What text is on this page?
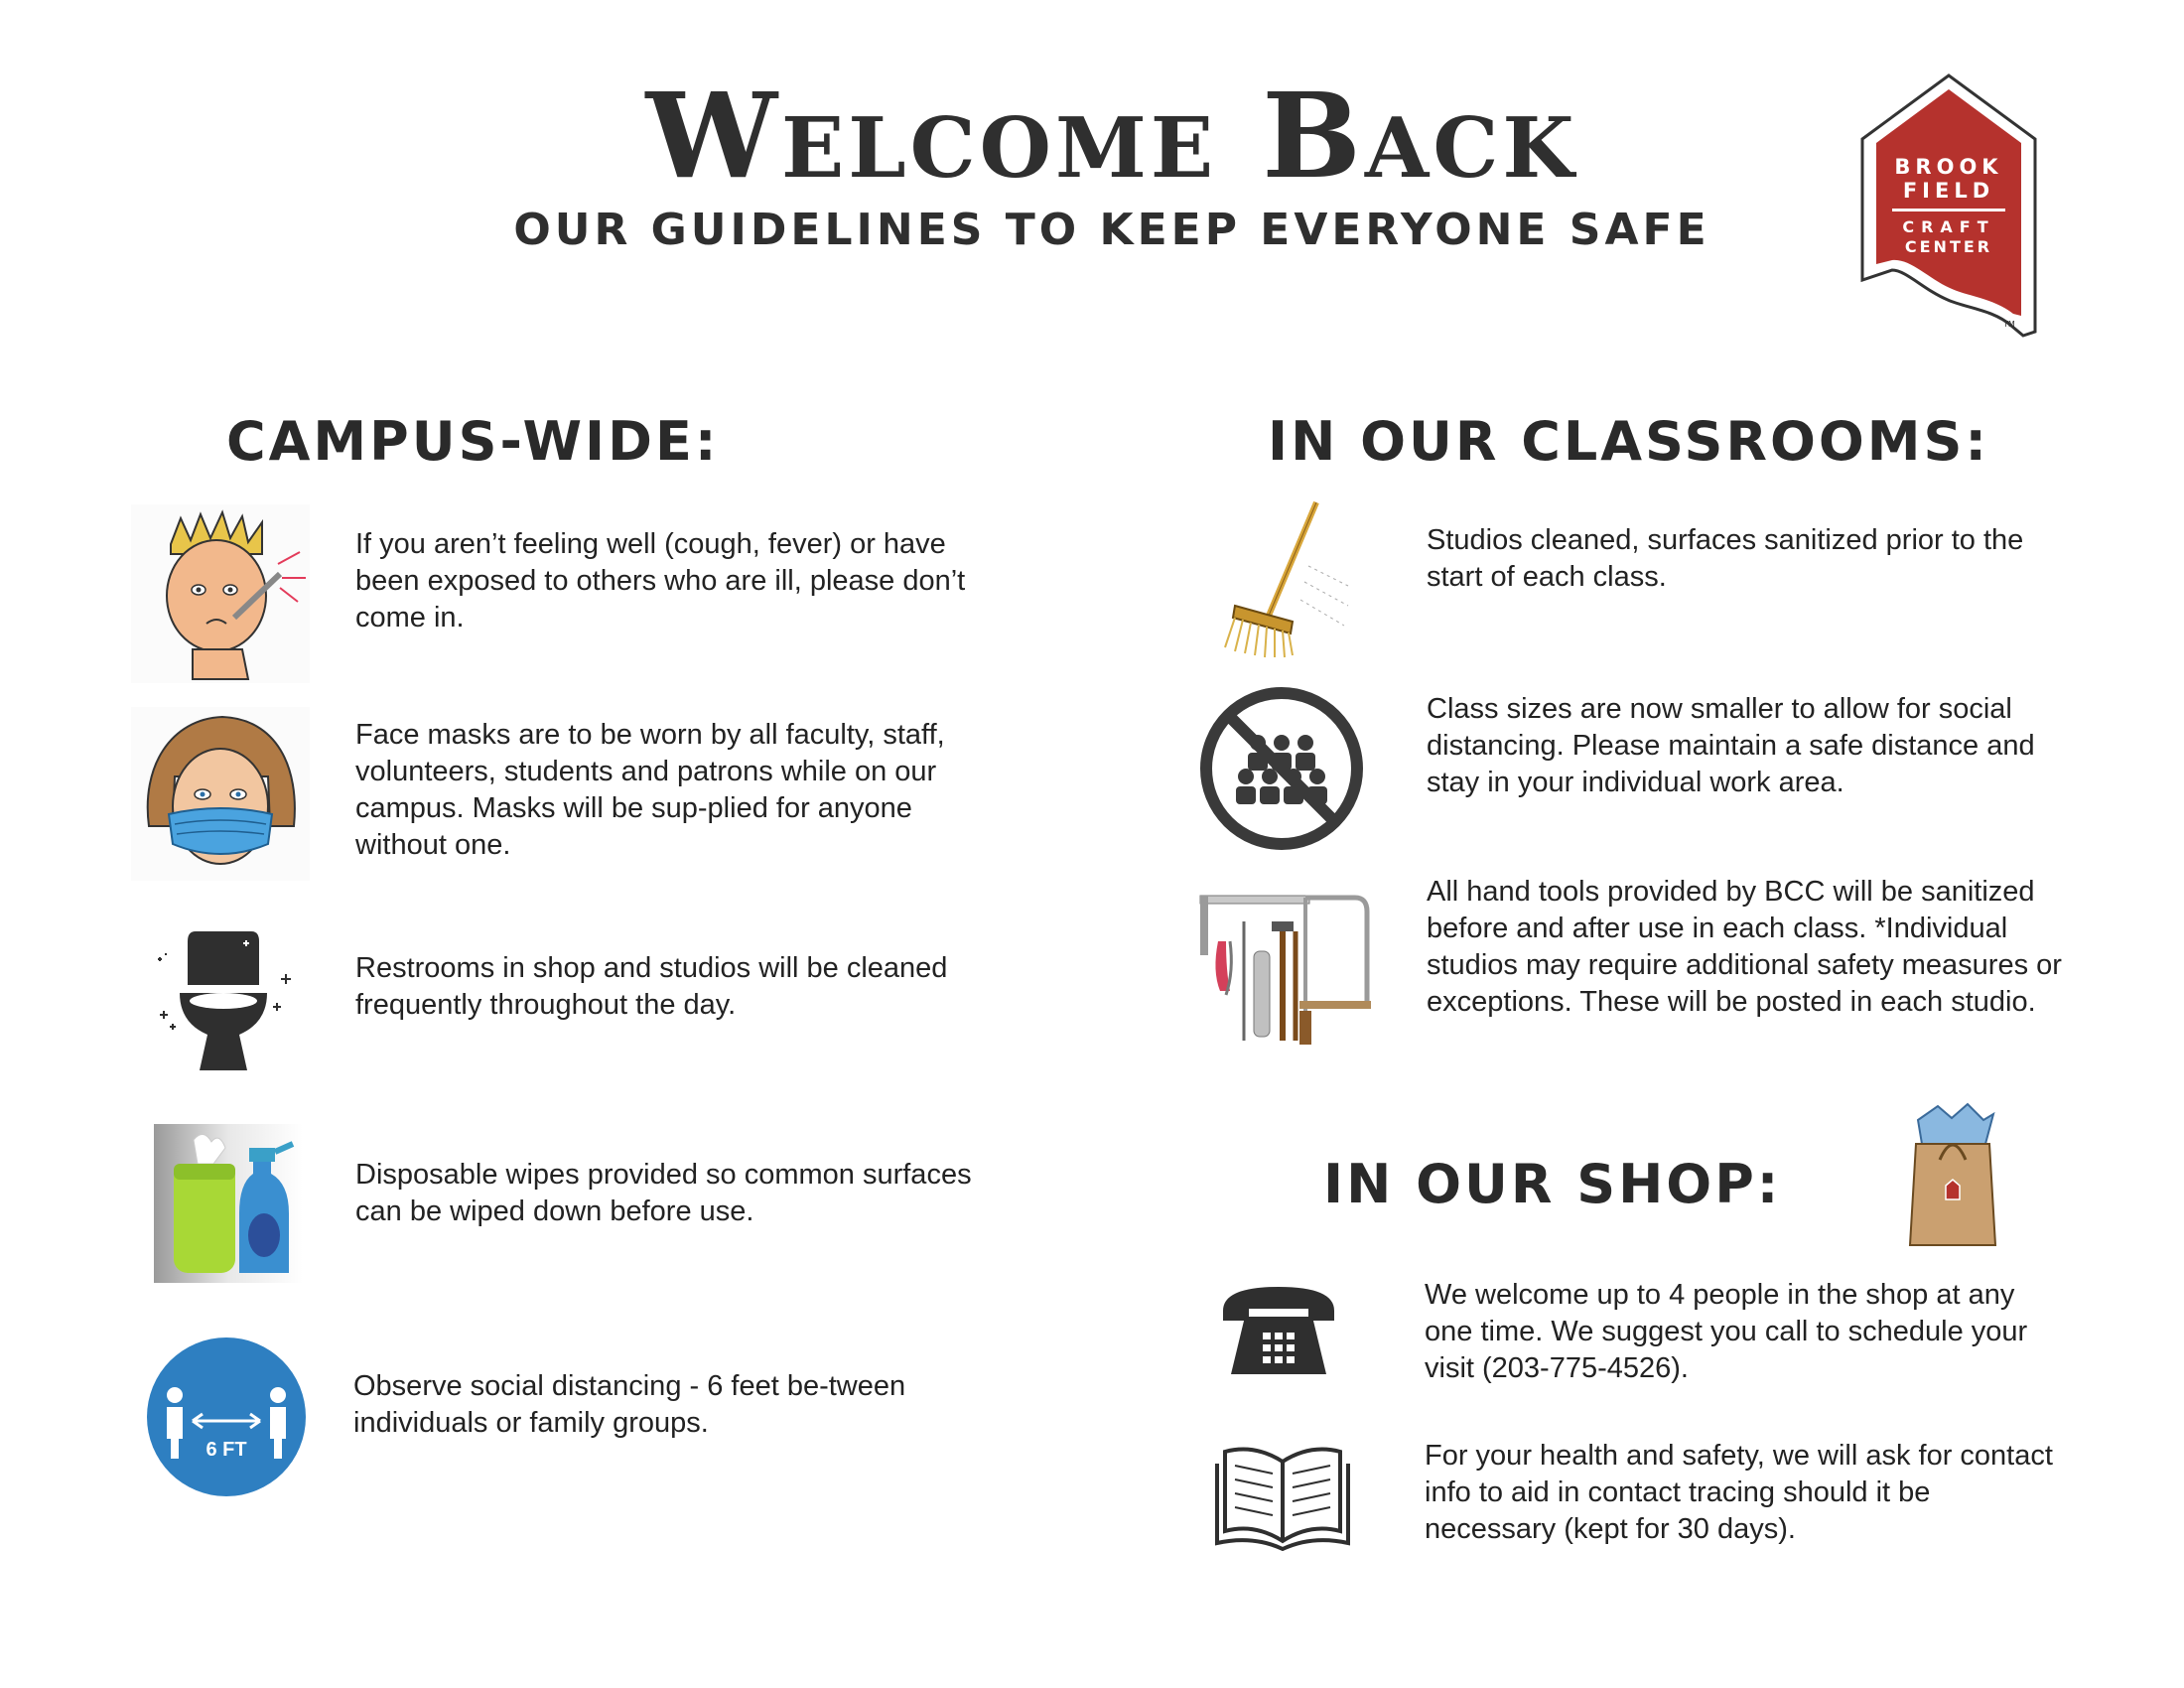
Welcome Back
OUR GUIDELINES TO KEEP EVERYONE SAFE
BROOK
FIELD
CRAFT
CENTER
TM
CAMPUS-WIDE:
If you aren’t feeling well (cough, fever) or have been exposed to others who are ill, please don’t come in.
Face masks are to be worn by all faculty, staff, volunteers, students and patrons while on our campus. Masks will be sup-plied for anyone without one.
Restrooms in shop and studios will be cleaned frequently throughout the day.
Disposable wipes provided so common surfaces can be wiped down before use.
6 FT
Observe social distancing - 6 feet be-tween individuals or family groups.
IN OUR CLASSROOMS:
Studios cleaned, surfaces sanitized prior to the start of each class.
Class sizes are now smaller to allow for social distancing. Please maintain a safe distance and stay in your individual work area.
All hand tools provided by BCC will be sanitized before and after use in each class. *Individual studios may require additional safety measures or exceptions. These will be posted in each studio.
IN OUR SHOP:
We welcome up to 4 people in the shop at any one time. We suggest you call to schedule your visit (203-775-4526).
For your health and safety, we will ask for contact info to aid in contact tracing should it be necessary (kept for 30 days).
